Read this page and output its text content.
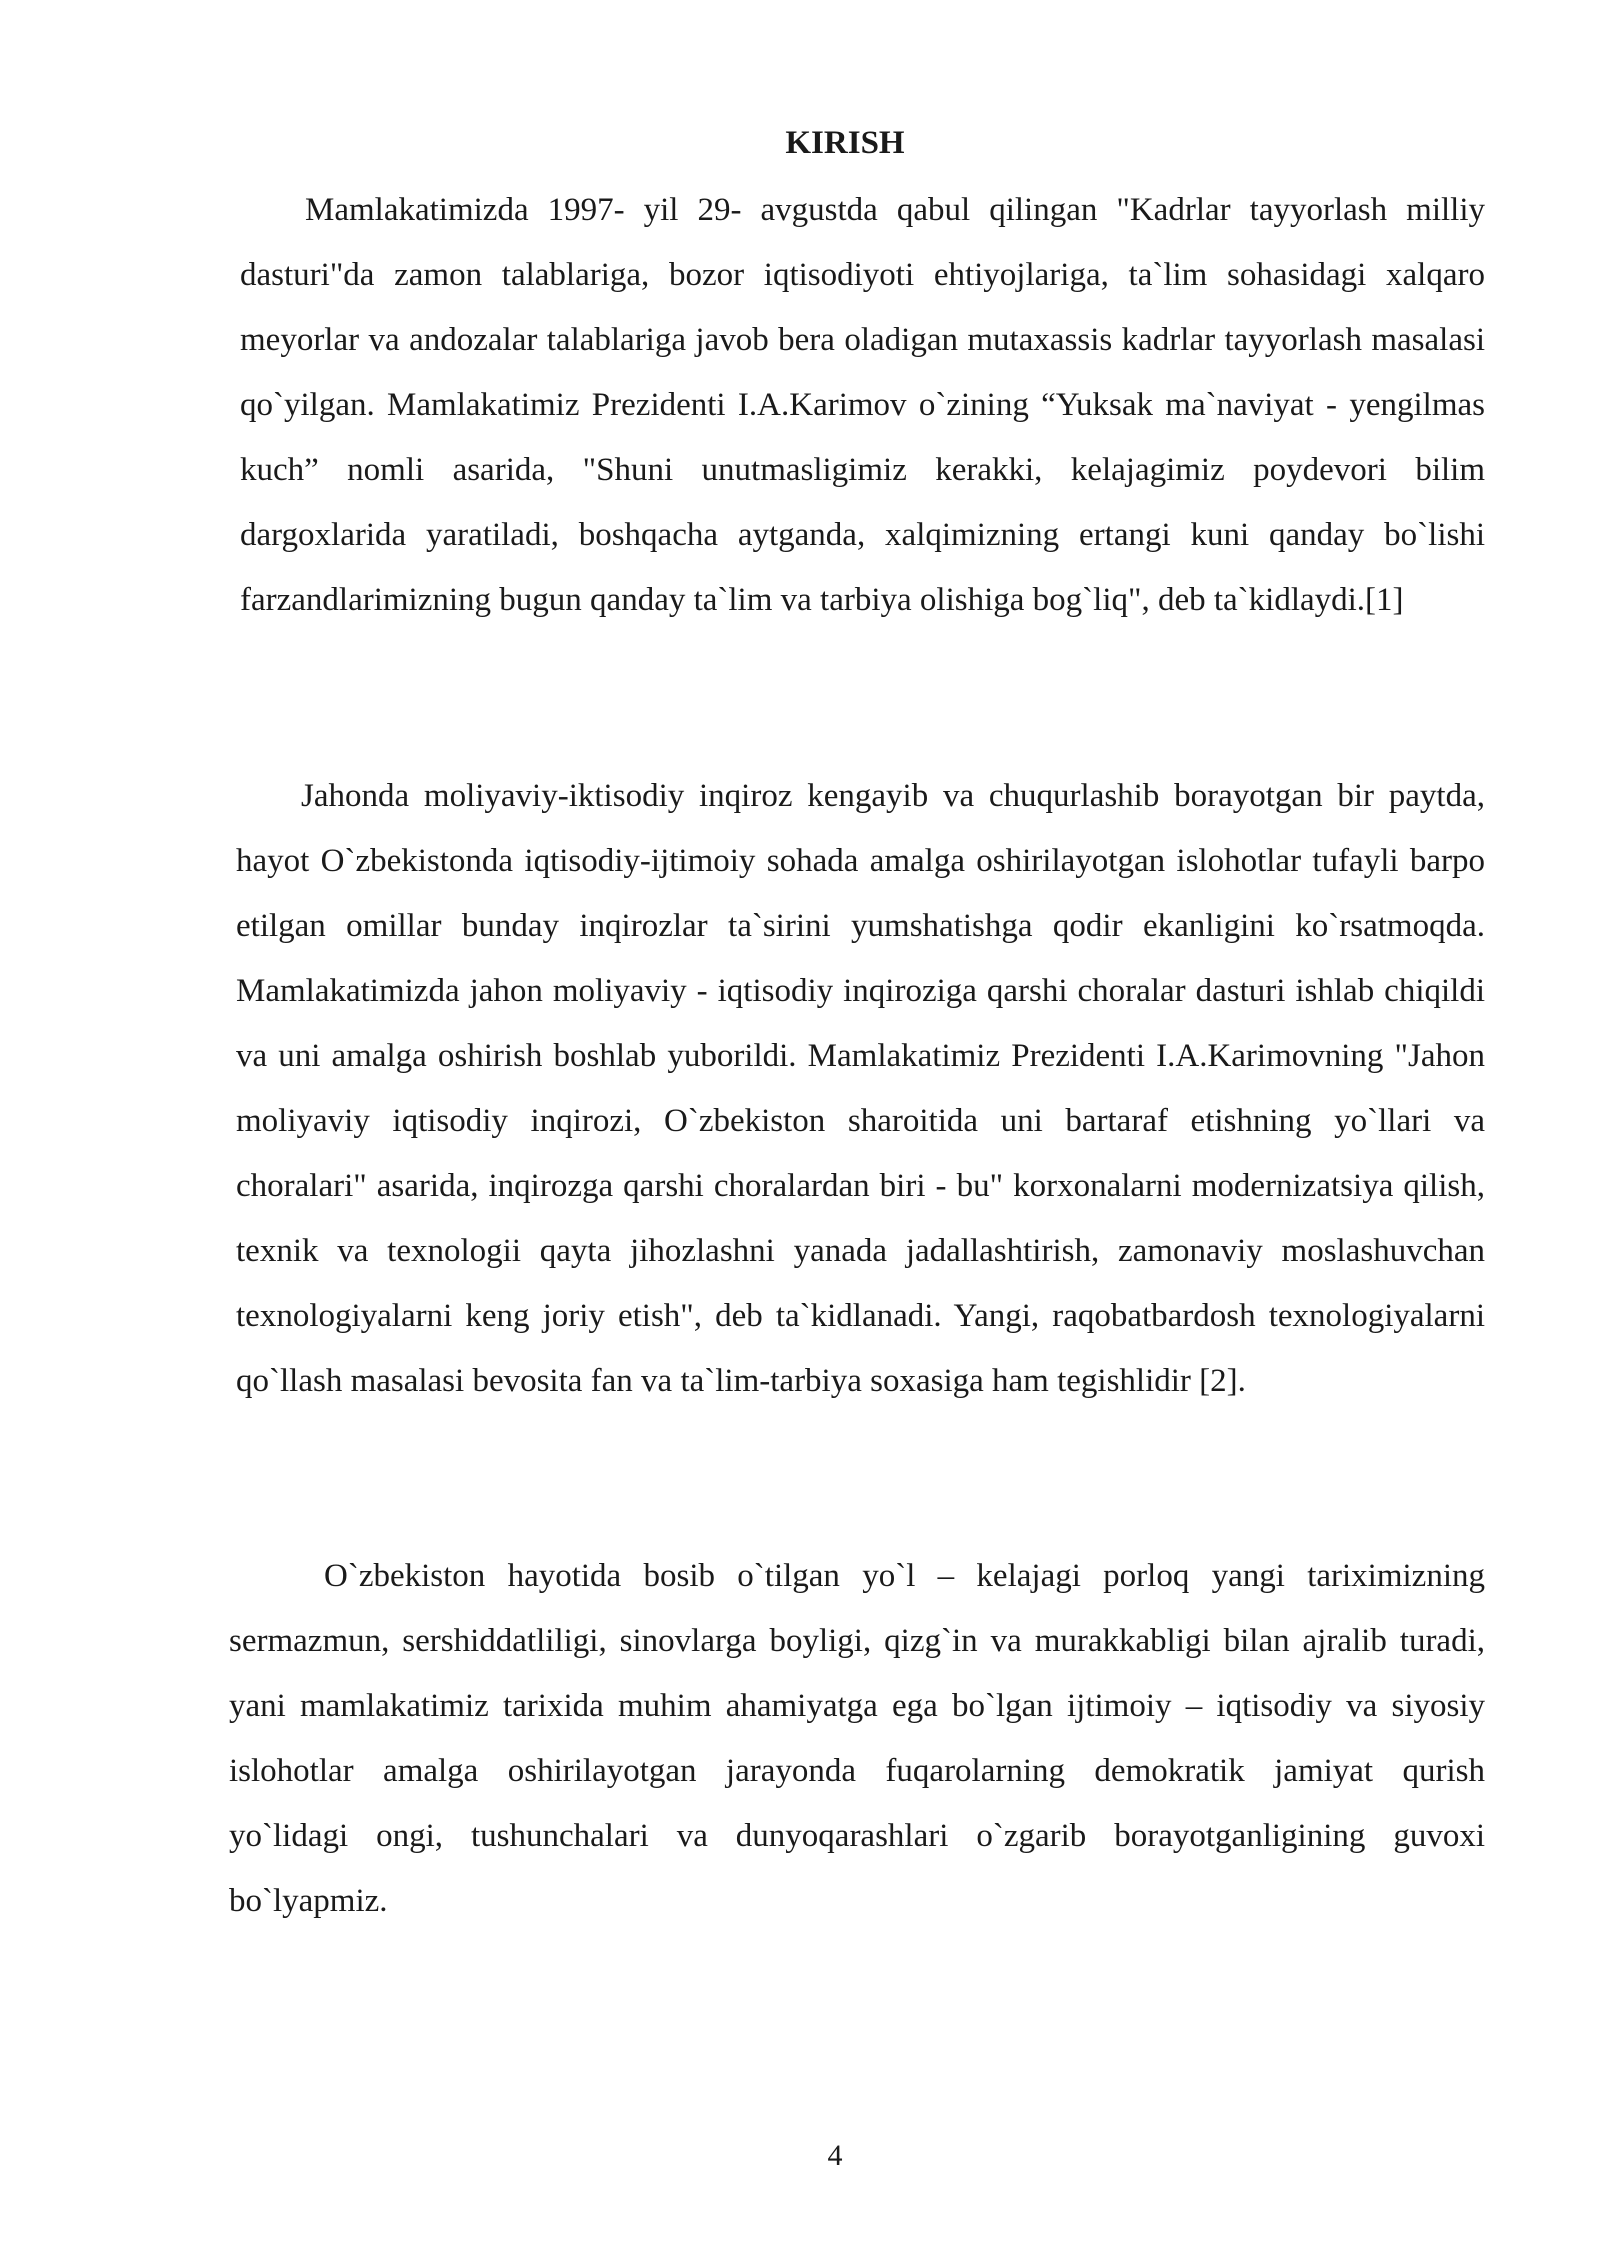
KIRISH

Mamlakatimizda 1997- yil 29- avgustda qabul qilingan "Kadrlar tayyorlash milliy dasturi"da zamon talablariga, bozor iqtisodiyoti ehtiyojlariga, ta`lim sohasidagi xalqaro meyorlar va andozalar talablariga javob bera oladigan mutaxassis kadrlar tayyorlash masalasi qo`yilgan. Mamlakatimiz Prezidenti I.A.Karimov o`zining “Yuksak ma`naviyat - yengilmas kuch” nomli asarida, "Shuni unutmasligimiz kerakki, kelajagimiz poydevori bilim dargoxlarida yaratiladi, boshqacha aytganda, xalqimizning ertangi kuni qanday bo`lishi farzandlarimizning bugun qanday ta`lim va tarbiya olishiga bog`liq", deb ta`kidlaydi.[1]

Jahonda moliyaviy-iktisodiy inqiroz kengayib va chuqurlashib borayotgan bir paytda, hayot O`zbekistonda iqtisodiy-ijtimoiy sohada amalga oshirilayotgan islohotlar tufayli barpo etilgan omillar bunday inqirozlar ta`sirini yumshatishga qodir ekanligini ko`rsatmoqda. Mamlakatimizda jahon moliyaviy - iqtisodiy inqiroziga qarshi choralar dasturi ishlab chiqildi va uni amalga oshirish boshlab yuborildi. Mamlakatimiz Prezidenti I.A.Karimovning "Jahon moliyaviy iqtisodiy inqirozi, O`zbekiston sharoitida uni bartaraf etishning yo`llari va choralari" asarida, inqirozga qarshi choralardan biri - bu" korxonalarni modernizatsiya qilish, texnik va texnologii qayta jihozlashni yanada jadallashtirish, zamonaviy moslashuvchan texnologiyalarni keng joriy etish", deb ta`kidlanadi. Yangi, raqobatbardosh texnologiyalarni qo`llash masalasi bevosita fan va ta`lim-tarbiya soxasiga ham tegishlidir [2].

O`zbekiston hayotida bosib o`tilgan yo`l – kelajagi porloq yangi tariximizning sermazmun, sershiddatliligi, sinovlarga boyligi, qizg`in va murakkabligi bilan ajralib turadi, yani mamlakatimiz tarixida muhim ahamiyatga ega bo`lgan ijtimoiy – iqtisodiy va siyosiy islohotlar amalga oshirilayotgan jarayonda fuqarolarning demokratik jamiyat qurish yo`lidagi ongi, tushunchalari va dunyoqarashlari o`zgarib borayotganligining guvoxi bo`lyapmiz.

4
